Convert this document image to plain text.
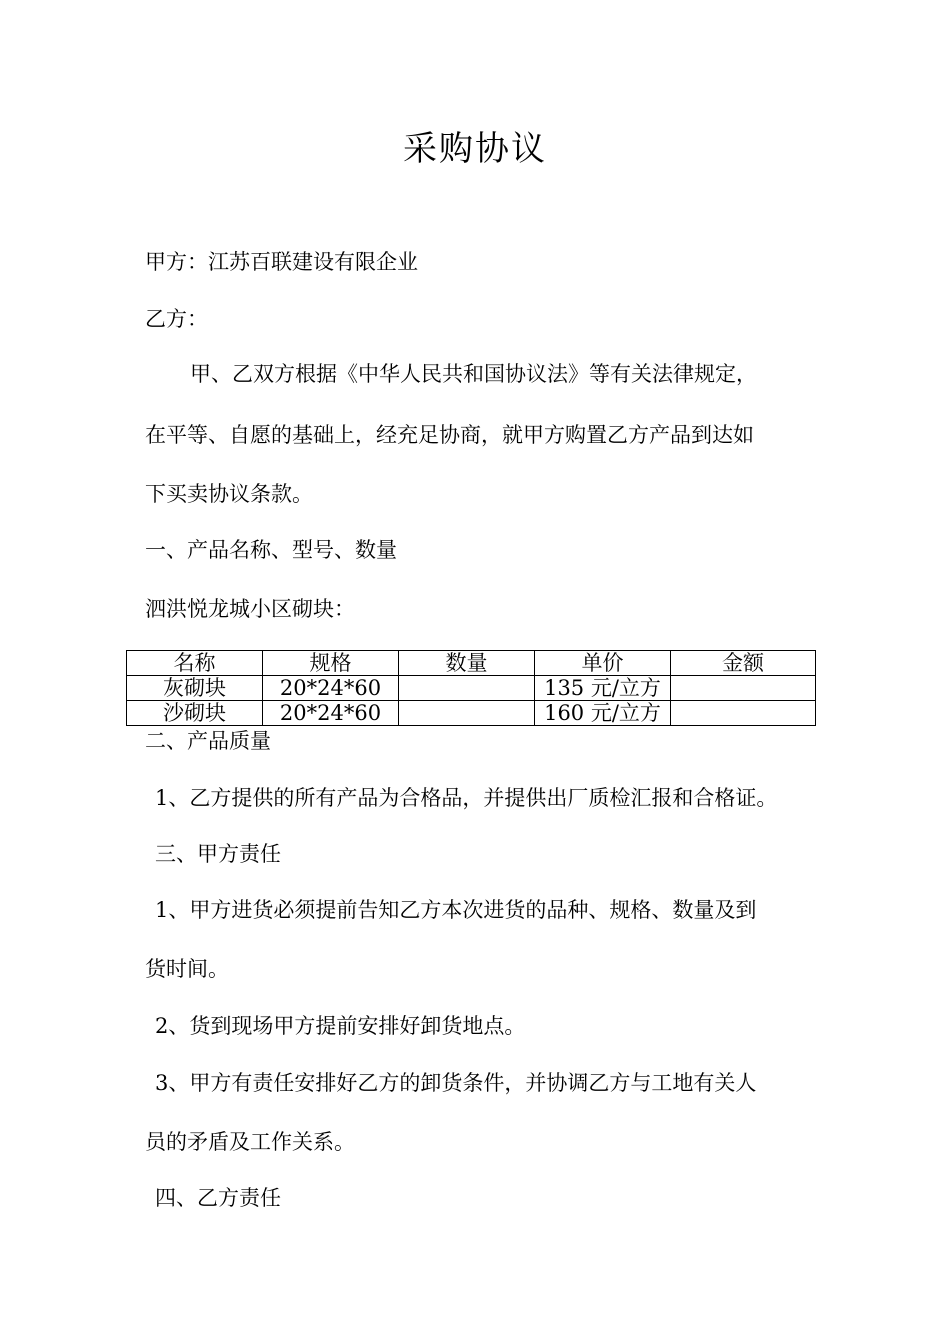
采购协议
甲方：江苏百联建设有限企业
乙方：
甲、乙双方根据《中华人民共和国协议法》等有关法律规定，
在平等、自愿的基础上，经充足协商，就甲方购置乙方产品到达如
下买卖协议条款。
一、产品名称、型号、数量
泗洪悦龙城小区砌块：
名称	规格	数量	单价	金额
灰砌块	20*24*60		135 元/立方	
沙砌块	20*24*60		160 元/立方	
二、产品质量
1、乙方提供的所有产品为合格品，并提供出厂质检汇报和合格证。
三、甲方责任
1、甲方进货必须提前告知乙方本次进货的品种、规格、数量及到
货时间。
2、货到现场甲方提前安排好卸货地点。
3、甲方有责任安排好乙方的卸货条件，并协调乙方与工地有关人
员的矛盾及工作关系。
四、乙方责任
